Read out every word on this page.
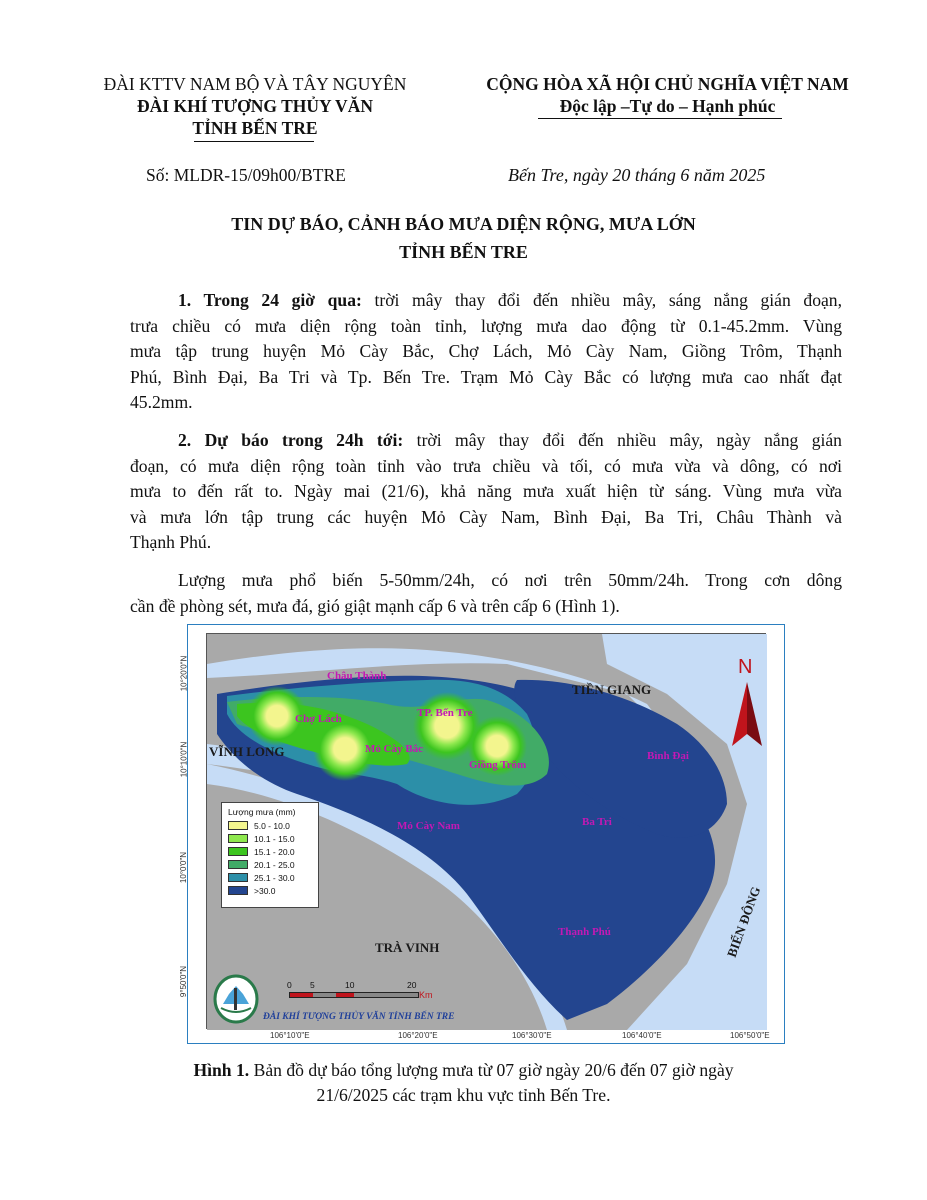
ĐÀI KTTV NAM BỘ VÀ TÂY NGUYÊN
ĐÀI KHÍ TƯỢNG THỦY VĂN
TỈNH BẾN TRE
CỘNG HÒA XÃ HỘI CHỦ NGHĨA VIỆT NAM
Độc lập –Tự do – Hạnh phúc
Số: MLDR-15/09h00/BTRE	Bến Tre, ngày 20 tháng 6 năm 2025
TIN DỰ BÁO, CẢNH BÁO MƯA DIỆN RỘNG, MƯA LỚN
TỈNH BẾN TRE
1. Trong 24 giờ qua: trời mây thay đổi đến nhiều mây, sáng nắng gián đoạn,
trưa chiều có mưa diện rộng toàn tỉnh, lượng mưa dao động từ 0.1-45.2mm. Vùng
mưa tập trung huyện Mỏ Cày Bắc, Chợ Lách, Mỏ Cày Nam, Giồng Trôm, Thạnh
Phú, Bình Đại, Ba Tri và Tp. Bến Tre. Trạm Mỏ Cày Bắc có lượng mưa cao nhất đạt
45.2mm.
2. Dự báo trong 24h tới: trời mây thay đổi đến nhiều mây, ngày nắng gián
đoạn, có mưa diện rộng toàn tỉnh vào trưa chiều và tối, có mưa vừa và dông, có nơi
mưa to đến rất to. Ngày mai (21/6), khả năng mưa xuất hiện từ sáng. Vùng mưa vừa
và mưa lớn tập trung các huyện Mỏ Cày Nam, Bình Đại, Ba Tri, Châu Thành và
Thạnh Phú.
Lượng mưa phổ biến 5-50mm/24h, có nơi trên 50mm/24h. Trong cơn dông
cần đề phòng sét, mưa đá, gió giật mạnh cấp 6 và trên cấp 6 (Hình 1).
10°20'0"N
10°10'0"N
10°0'0"N
9°50'0"N
VĨNH LONG
TIỀN GIANG
TRÀ VINH	BIỂN ĐÔNG
Châu Thành
Chợ Lách	TP. Bến Tre
Mỏ Cày Bắc
Giồng Trôm
Bình Đại
Mỏ Cày Nam	Ba Tri
Thạnh Phú
N
Lượng mưa (mm)
5.0 - 10.0
10.1 - 15.0
15.1 - 20.0
20.1 - 25.0
25.1 - 30.0
>30.0
0 5	10	20
Km
ĐÀI KHÍ TƯỢNG THỦY VĂN TỈNH BẾN TRE
106°10'0"E	106°20'0"E	106°30'0"E	106°40'0"E	106°50'0"E
Hình 1. Bản đồ dự báo tổng lượng mưa từ 07 giờ ngày 20/6 đến 07 giờ ngày
21/6/2025 các trạm khu vực tỉnh Bến Tre.
